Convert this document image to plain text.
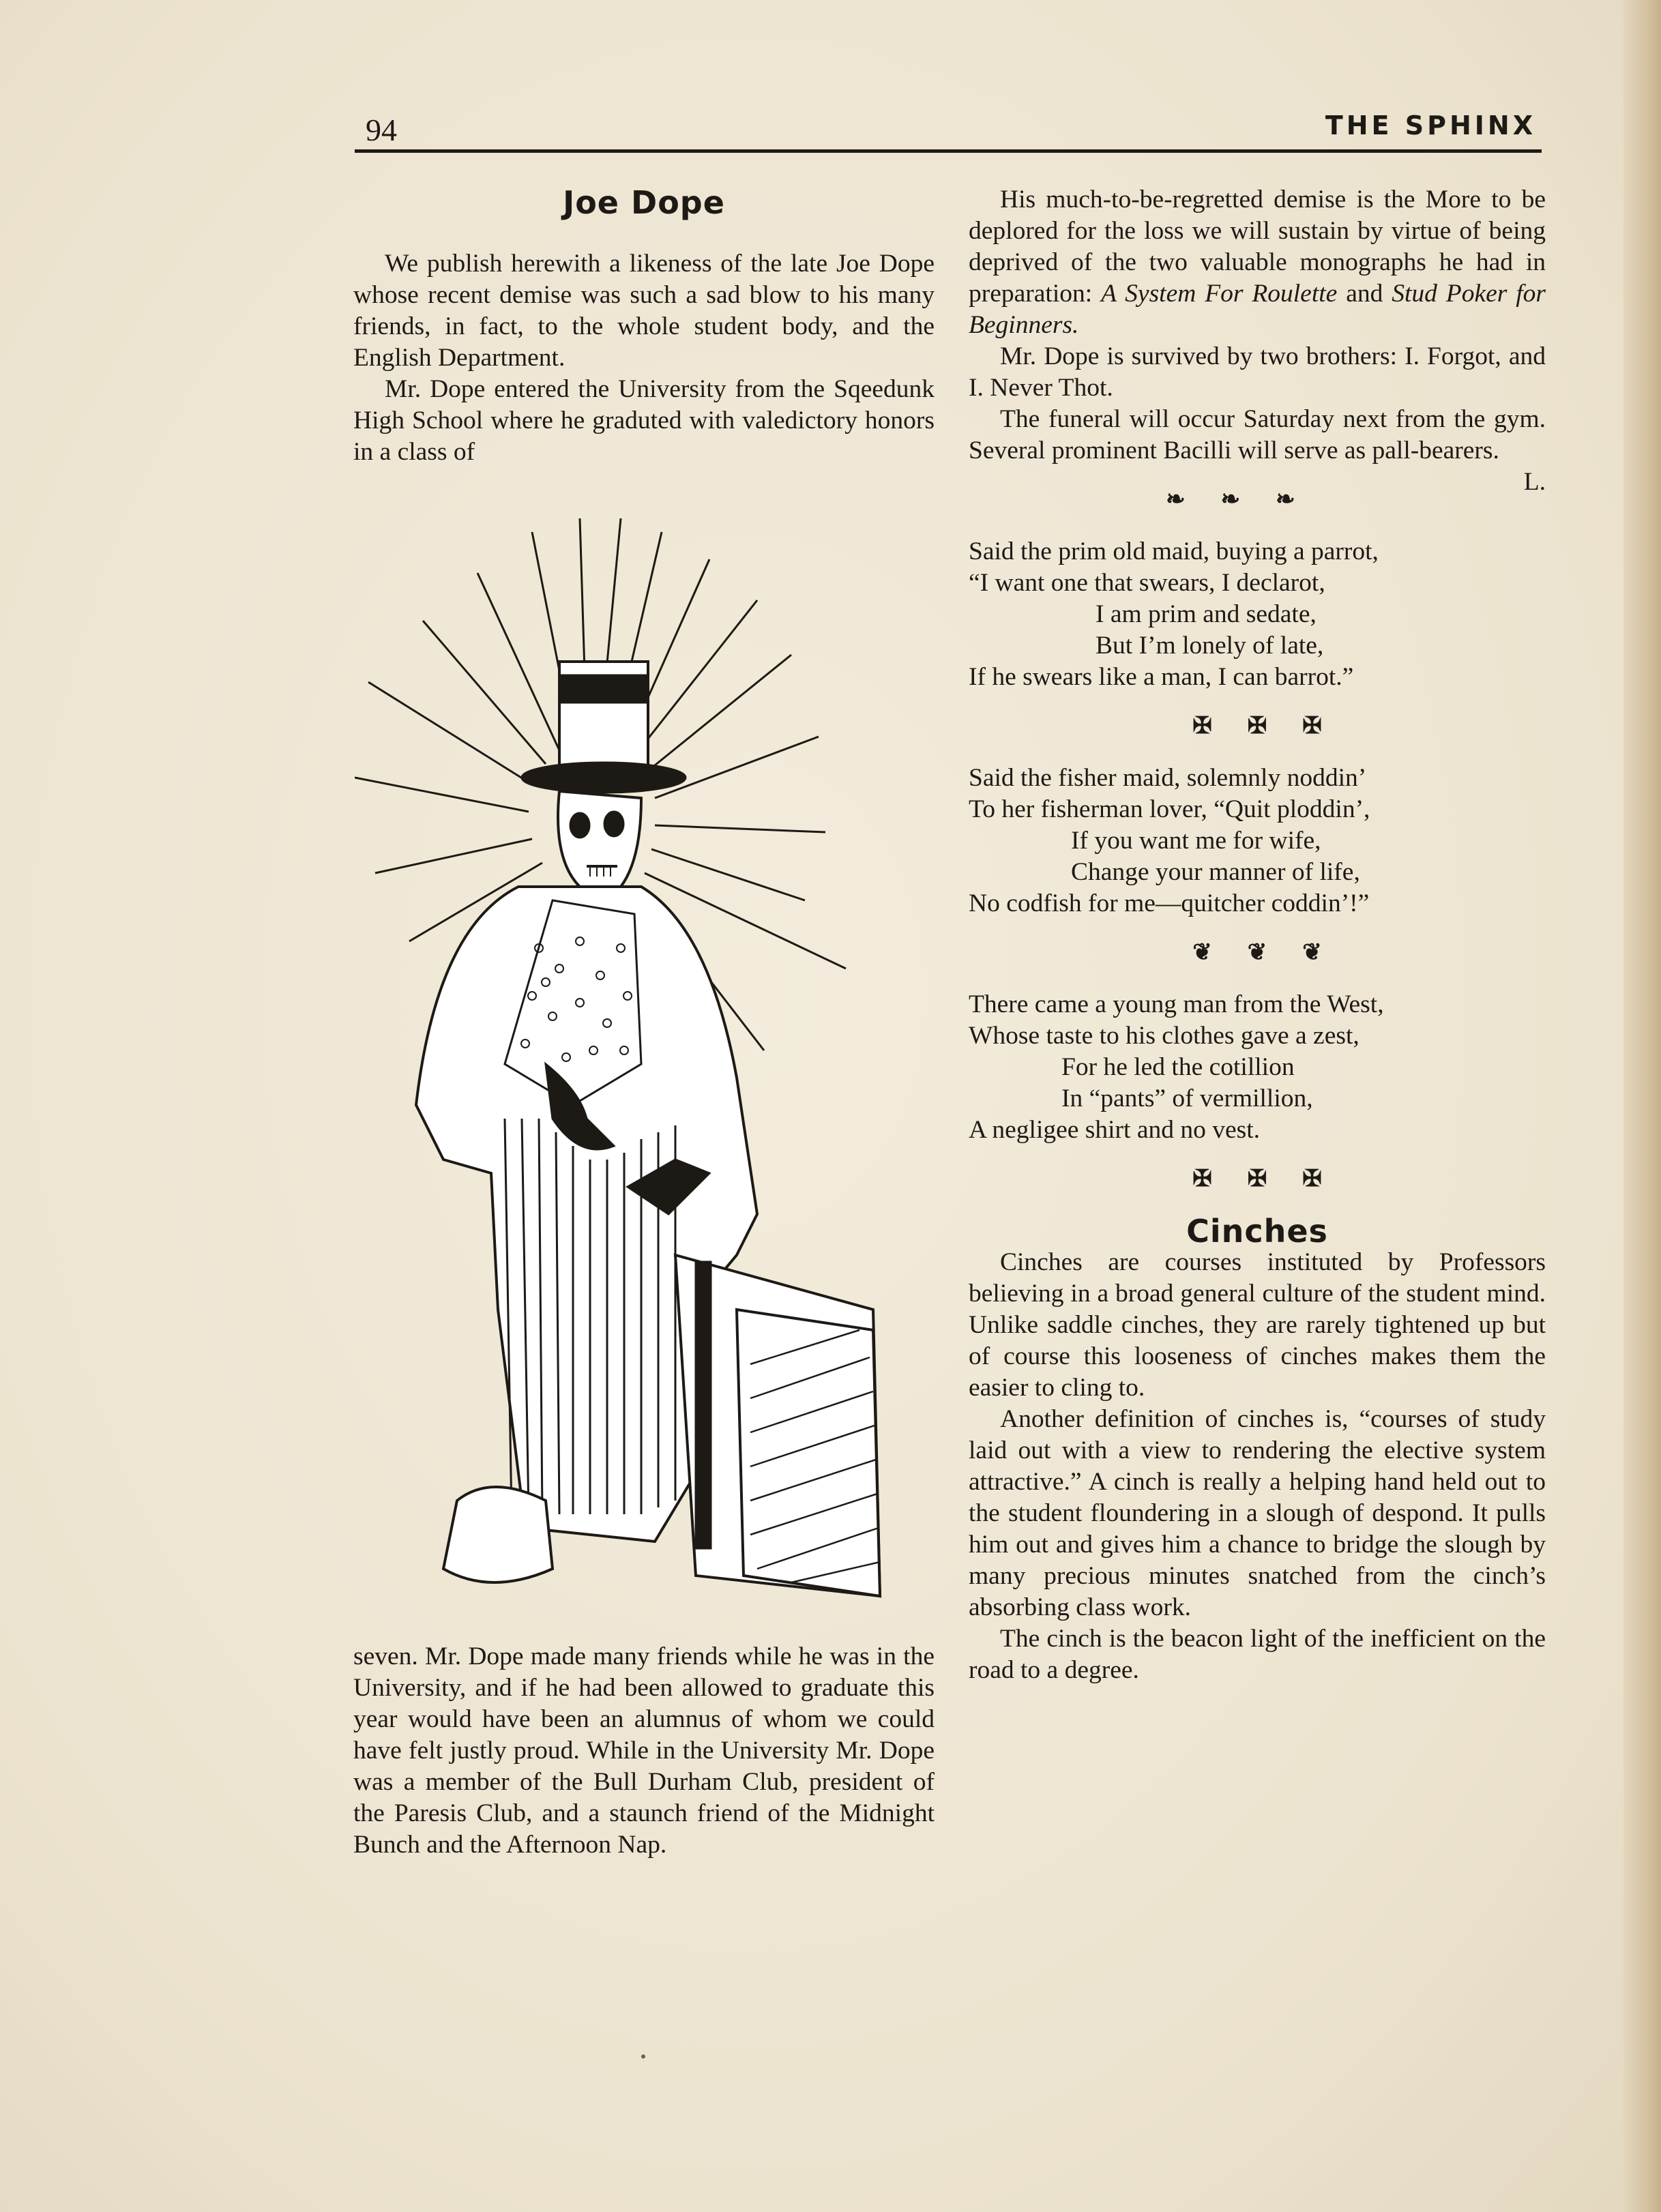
94	THE SPHINX
Joe Dope

We publish herewith a likeness of the late Joe Dope whose recent demise was such a sad blow to his many friends, in fact, to the whole student body, and the English Department.

Mr. Dope entered the University from the Sqeedunk High School where he graduted with valedictory honors in a class of

seven. Mr. Dope made many friends while he was in the University, and if he had been allowed to graduate this year would have been an alumnus of whom we could have felt justly proud. While in the University Mr. Dope was a member of the Bull Durham Club, president of the Paresis Club, and a staunch friend of the Midnight Bunch and the Afternoon Nap.

His much-to-be-regretted demise is the More to be deplored for the loss we will sustain by virtue of being deprived of the two valuable monographs he had in preparation: A System For Roulette and Stud Poker for Beginners.

Mr. Dope is survived by two brothers: I. Forgot, and I. Never Thot.

The funeral will occur Saturday next from the gym. Several prominent Bacilli will serve as pall-bearers.
L.

❧❧❧
Said the prim old maid, buying a parrot,
“I want one that swears, I declarot,
I am prim and sedate,
But I’m lonely of late,
If he swears like a man, I can barrot.”
✠✠✠
Said the fisher maid, solemnly noddin’
To her fisherman lover, “Quit ploddin’,
If you want me for wife,
Change your manner of life,
No codfish for me—quitcher coddin’!”
❦❦❦
There came a young man from the West,
Whose taste to his clothes gave a zest,
For he led the cotillion
In “pants” of vermillion,
A negligee shirt and no vest.
✠✠✠
Cinches

Cinches are courses instituted by Professors believing in a broad general culture of the student mind. Unlike saddle cinches, they are rarely tightened up but of course this looseness of cinches makes them the easier to cling to.

Another definition of cinches is, “courses of study laid out with a view to rendering the elective system attractive.” A cinch is really a helping hand held out to the student floundering in a slough of despond. It pulls him out and gives him a chance to bridge the slough by many precious minutes snatched from the cinch’s absorbing class work.

The cinch is the beacon light of the inefficient on the road to a degree.
